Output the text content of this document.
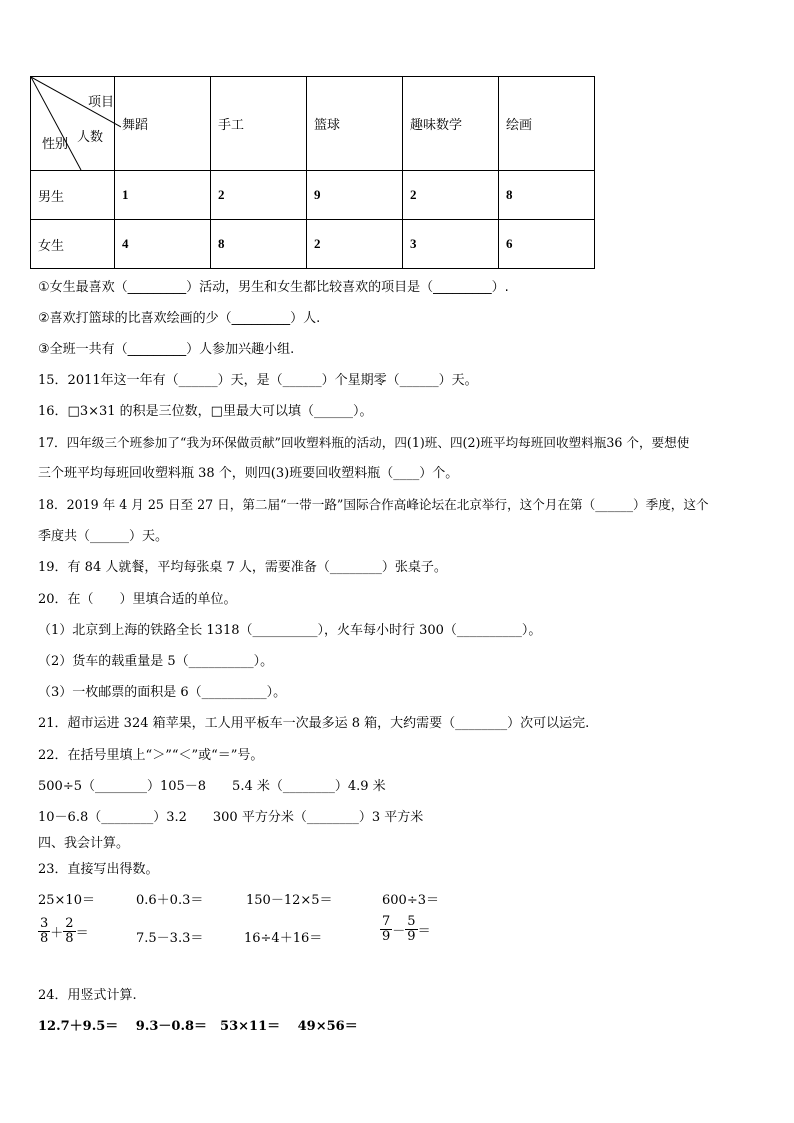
项目
人数
性别	舞蹈	手工	篮球	趣味数学	绘画
男生	1	2	9	2	8
女生	4	8	2	3	6
①女生最喜欢（_________）活动，男生和女生都比较喜欢的项目是（_________）.
②喜欢打篮球的比喜欢绘画的少（_________）人.
③全班一共有（_________）人参加兴趣小组.
15．2011年这一年有（______）天，是（______）个星期零（______）天。
16．□3×31 的积是三位数，□里最大可以填（______）。
17．四年级三个班参加了“我为环保做贡献”回收塑料瓶的活动，四(1)班、四(2)班平均每班回收塑料瓶36 个，要想使
三个班平均每班回收塑料瓶 38 个，则四(3)班要回收塑料瓶（____）个。
18．2019 年 4 月 25 日至 27 日，第二届“一带一路”国际合作高峰论坛在北京举行，这个月在第（______）季度，这个
季度共（______）天。
19．有 84 人就餐，平均每张桌 7 人，需要准备（________）张桌子。
20．在（　　）里填合适的单位。
（1）北京到上海的铁路全长 1318（__________），火车每小时行 300（__________）。
（2）货车的载重量是 5（__________）。
（3）一枚邮票的面积是 6（__________）。
21．超市运进 324 箱苹果，工人用平板车一次最多运 8 箱，大约需要（________）次可以运完.
22．在括号里填上“＞”“＜”或“＝”号。
500÷5（________）105－8　　5.4 米（________）4.9 米
10－6.8（________）3.2　　300 平方分米（________）3 平方米
四、我会计算。
23．直接写出得数。
25×10＝	0.6＋0.3＝	150－12×5＝	600÷3＝
$\frac{3}{8} + \frac{2}{8}$ ＝	7.5－3.3＝	16÷4＋16＝	$\frac{7}{9} - \frac{5}{9}$ ＝
24．用竖式计算.
12.7＋9.5＝　 9.3－0.8＝　53×11＝　 49×56＝
